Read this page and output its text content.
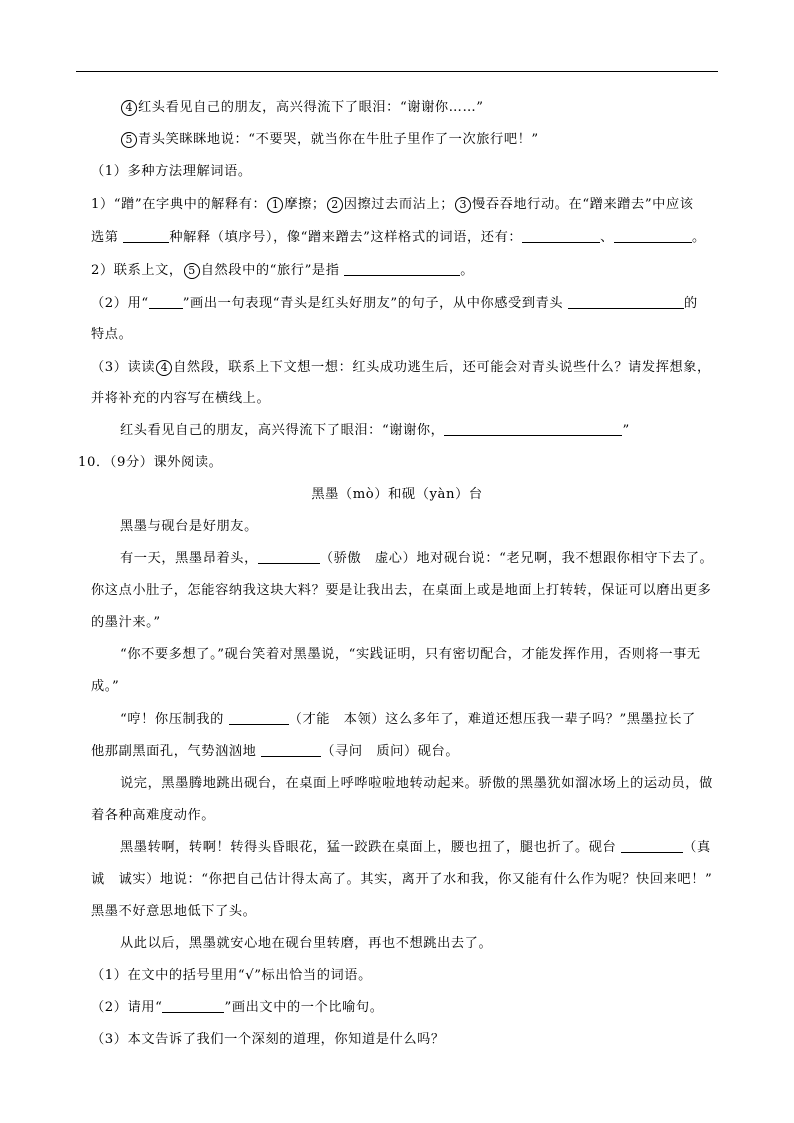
4 红头看见自己的朋友，高兴得流下了眼泪：“谢谢你……”
5 青头笑眯眯地说：“不要哭，就当你在牛肚子里作了一次旅行吧！”
（1）多种方法理解词语。
1）“蹭”在字典中的解释有： 1 摩擦； 2 因擦过去而沾上； 3 慢吞吞地行动。在“蹭来蹭去”中应该
选第	种解释（填序号），像“蹭来蹭去”这样格式的词语，还有：	、	。
2）联系上文， 5 自然段中的“旅行”是指	。
（2）用“	”画出一句表现“青头是红头好朋友”的句子，从中你感受到青头	的
特点。
（3）读读 4 自然段，联系上下文想一想：红头成功逃生后，还可能会对青头说些什么？请发挥想象，
并将补充的内容写在横线上。
红头看见自己的朋友，高兴得流下了眼泪：“谢谢你，	”
10．（9分）课外阅读。
黑墨（mò）和砚（yàn）台
黑墨与砚台是好朋友。
有一天，黑墨昂着头，	（骄傲　虚心）地对砚台说：“老兄啊，我不想跟你相守下去了。
你这点小肚子，怎能容纳我这块大料？要是让我出去，在桌面上或是地面上打转转，保证可以磨出更多
的墨汁来。”
“你不要多想了。”砚台笑着对黑墨说，“实践证明，只有密切配合，才能发挥作用，否则将一事无
成。”
“哼！你压制我的	（才能　本领）这么多年了，难道还想压我一辈子吗？”黑墨拉长了
他那副黑面孔，气势汹汹地	（寻问　质问）砚台。
说完，黑墨腾地跳出砚台，在桌面上呼哗啦啦地转动起来。骄傲的黑墨犹如溜冰场上的运动员，做
着各种高难度动作。
黑墨转啊，转啊！转得头昏眼花，猛一跤跌在桌面上，腰也扭了，腿也折了。砚台	（真
诚　诚实）地说：“你把自己估计得太高了。其实，离开了水和我，你又能有什么作为呢？快回来吧！”
黑墨不好意思地低下了头。
从此以后，黑墨就安心地在砚台里转磨，再也不想跳出去了。
（1）在文中的括号里用“√”标出恰当的词语。
（2）请用“	”画出文中的一个比喻句。
（3）本文告诉了我们一个深刻的道理，你知道是什么吗？
